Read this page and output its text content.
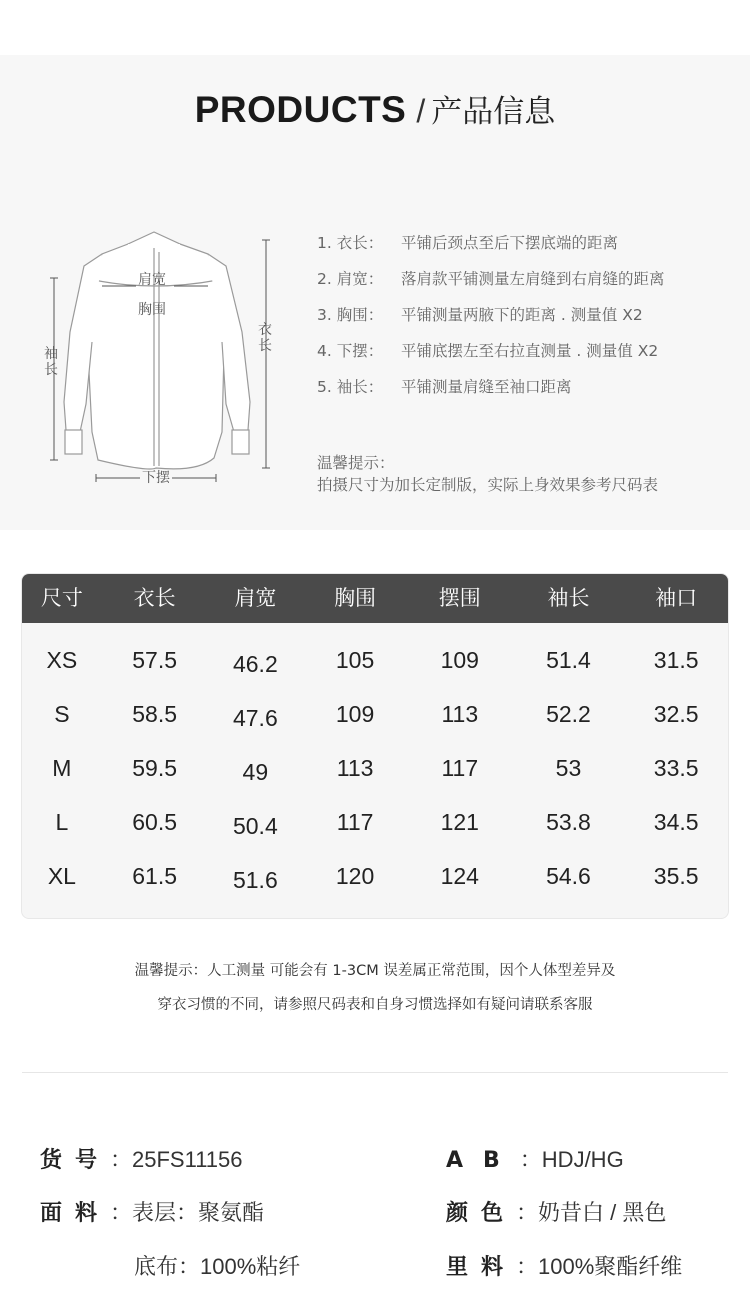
PRODUCTS / 产品信息
肩宽
胸围
袖
长
衣
长
下摆
1. 衣长： 平铺后颈点至后下摆底端的距离
2. 肩宽： 落肩款平铺测量左肩缝到右肩缝的距离
3. 胸围： 平铺测量两腋下的距离 . 测量值 X2
4. 下摆： 平铺底摆左至右拉直测量 . 测量值 X2
5. 袖长： 平铺测量肩缝至袖口距离
温馨提示：
拍摄尺寸为加长定制版，实际上身效果参考尺码表
尺寸	衣长	肩宽	胸围	摆围	袖长	袖口
XS	57.5	46.2	105	109	51.4	31.5
S	58.5	47.6	109	113	52.2	32.5
M	59.5	49	113	117	53	33.5
L	60.5	50.4	117	121	53.8	34.5
XL	61.5	51.6	120	124	54.6	35.5
温馨提示：人工测量 可能会有 1-3CM 误差属正常范围，因个人体型差异及
穿衣习惯的不同，请参照尺码表和自身习惯选择如有疑问请联系客服
货号：25FS11156	AB：HDJ/HG
面料：表层：聚氨酯	颜色：奶昔白 / 黑色
底布：100%粘纤	里料：100%聚酯纤维
